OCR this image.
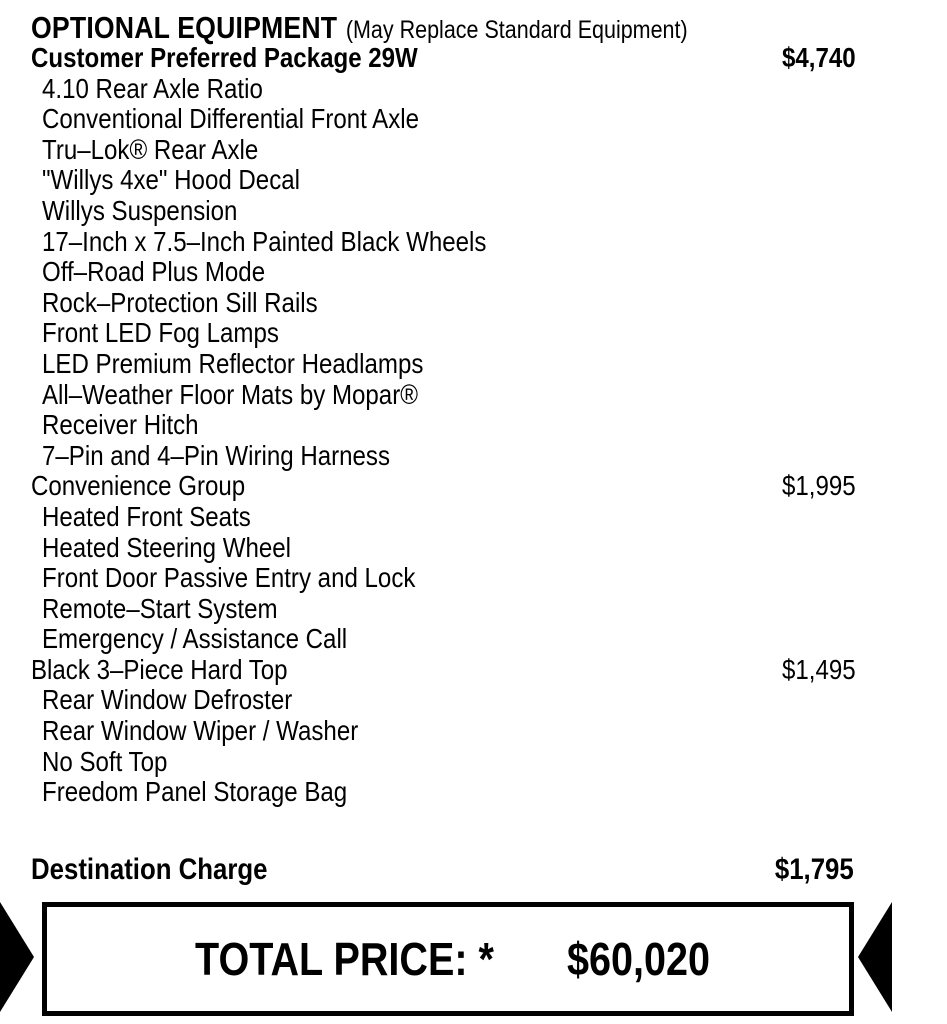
OPTIONAL EQUIPMENT (May Replace Standard Equipment)
Customer Preferred Package 29W	$4,740
4.10 Rear Axle Ratio
Conventional Differential Front Axle
Tru–Lok® Rear Axle
"Willys 4xe" Hood Decal
Willys Suspension
17–Inch x 7.5–Inch Painted Black Wheels
Off–Road Plus Mode
Rock–Protection Sill Rails
Front LED Fog Lamps
LED Premium Reflector Headlamps
All–Weather Floor Mats by Mopar®
Receiver Hitch
7–Pin and 4–Pin Wiring Harness
Convenience Group	$1,995
Heated Front Seats
Heated Steering Wheel
Front Door Passive Entry and Lock
Remote–Start System
Emergency / Assistance Call
Black 3–Piece Hard Top	$1,495
Rear Window Defroster
Rear Window Wiper / Washer
No Soft Top
Freedom Panel Storage Bag
Destination Charge	$1,795
TOTAL PRICE: * $60,020
